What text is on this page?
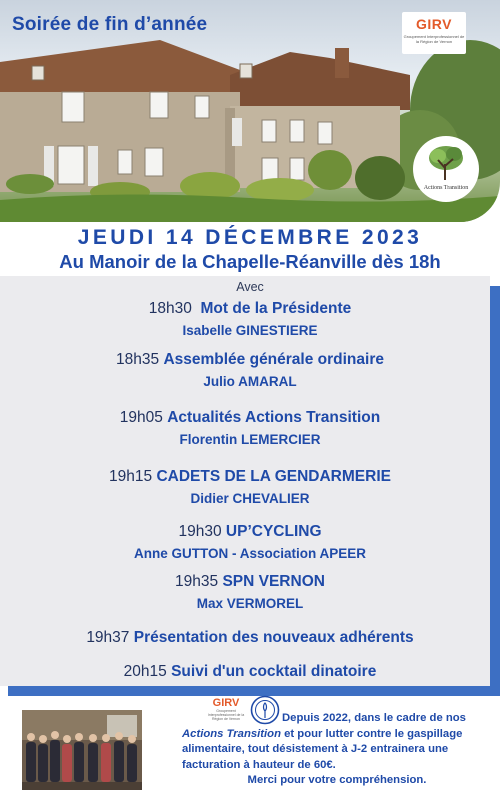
Soirée de fin d’année	GIRV
Groupement Interprofessionnel de la Région de Vernon
Actions Transition
JEUDI 14 DÉCEMBRE 2023
Au Manoir de la Chapelle-Réanville dès 18h
Avec
18h30 Mot de la Présidente
Isabelle GINESTIERE
18h35 Assemblée générale ordinaire
Julio AMARAL
19h05 Actualités Actions Transition
Florentin LEMERCIER
19h15 CADETS DE LA GENDARMERIE
Didier CHEVALIER
19h30 UP’CYCLING
Anne GUTTON - Association APEER
19h35 SPN VERNON
Max VERMOREL
19h37 Présentation des nouveaux adhérents
20h15 Suivi d'un cocktail dinatoire
GIRV
Groupement Interprofessionnel de la Région de Vernon	Depuis 2022, dans le cadre de nos
Actions Transition et pour lutter contre le gaspillage alimentaire, tout désistement à J-2 entrainera une facturation à hauteur de 60€.
Merci pour votre compréhension.
